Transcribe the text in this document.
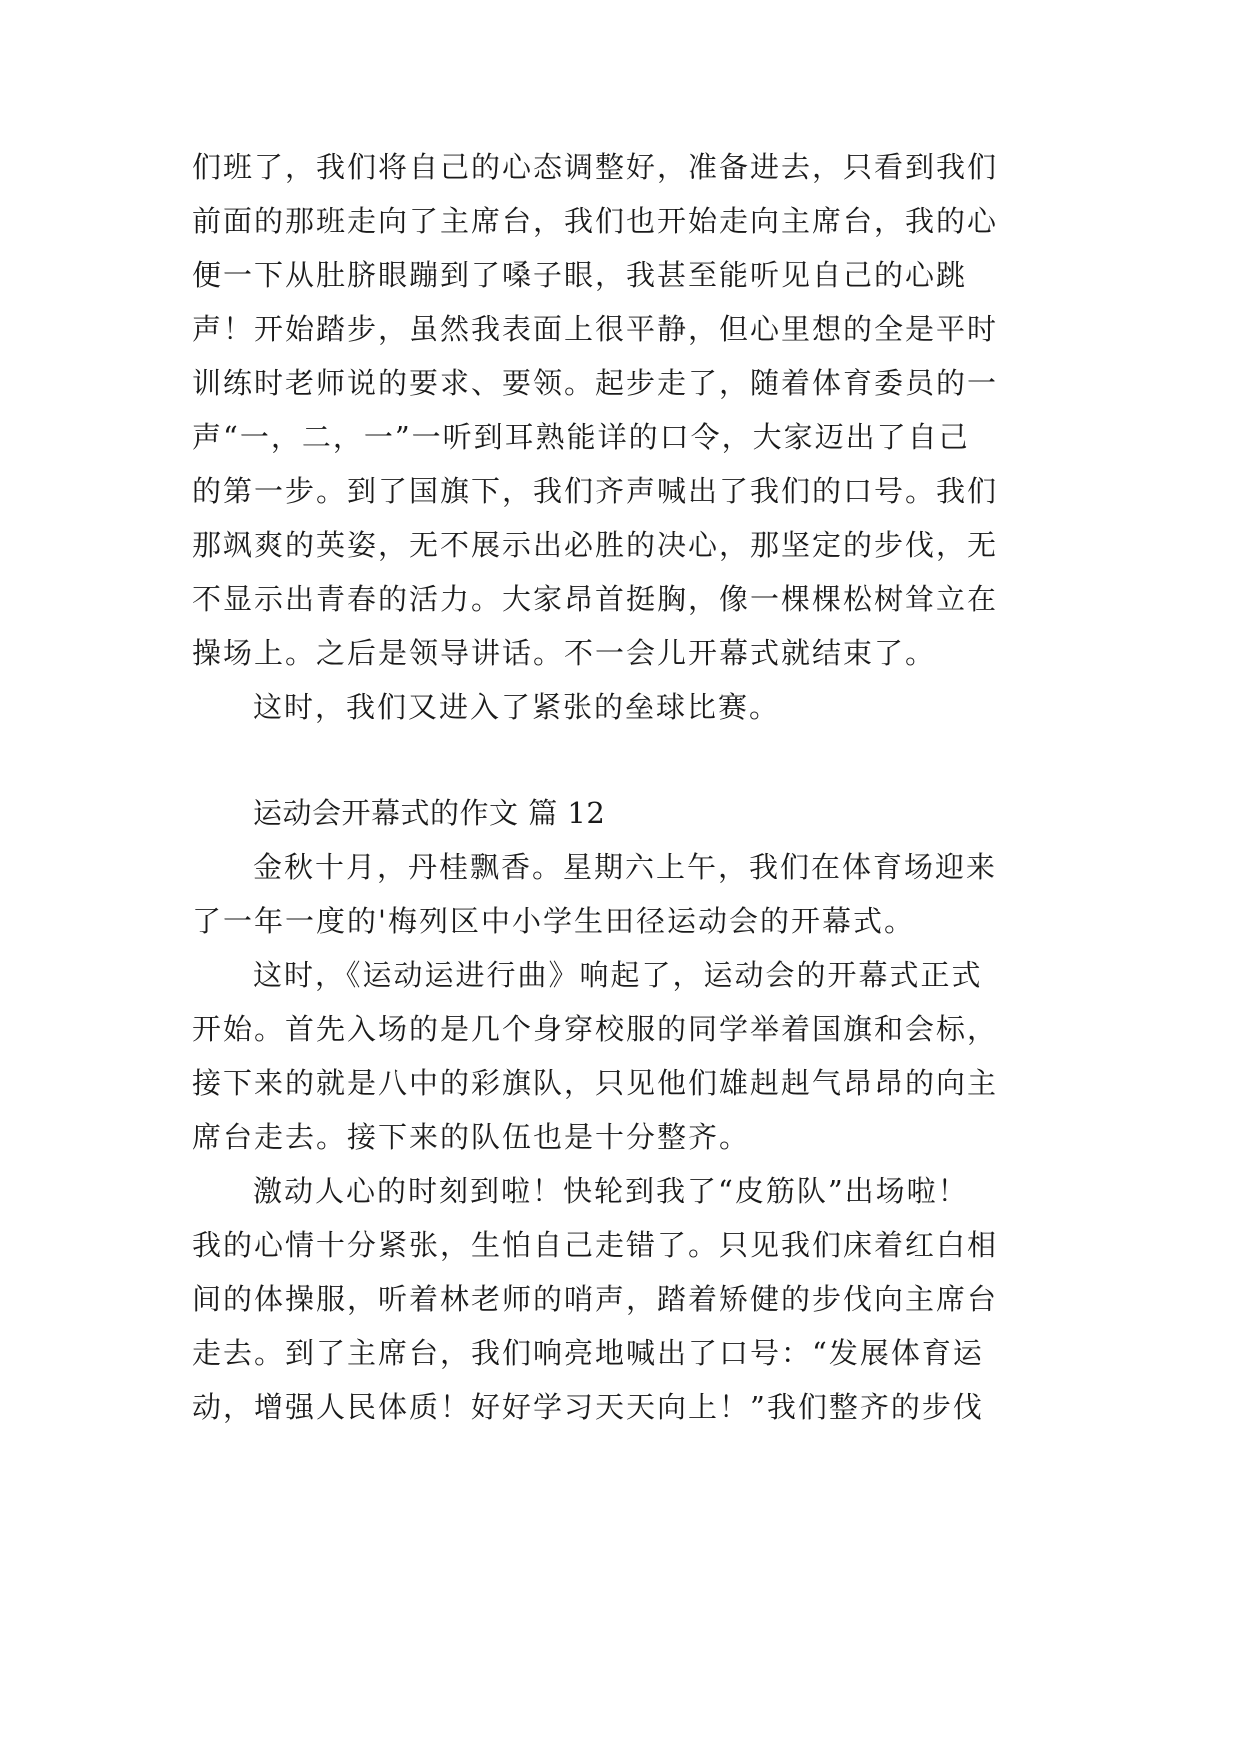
们班了，我们将自己的心态调整好，准备进去，只看到我们
前面的那班走向了主席台，我们也开始走向主席台，我的心
便一下从肚脐眼蹦到了嗓子眼，我甚至能听见自己的心跳
声！开始踏步，虽然我表面上很平静，但心里想的全是平时
训练时老师说的要求、要领。起步走了，随着体育委员的一
声“一，二，一”一听到耳熟能详的口令，大家迈出了自己
的第一步。到了国旗下，我们齐声喊出了我们的口号。我们
那飒爽的英姿，无不展示出必胜的决心，那坚定的步伐，无
不显示出青春的活力。大家昂首挺胸，像一棵棵松树耸立在
操场上。之后是领导讲话。不一会儿开幕式就结束了。
这时，我们又进入了紧张的垒球比赛。
运动会开幕式的作文 篇 12
金秋十月，丹桂飘香。星期六上午，我们在体育场迎来
了一年一度的'梅列区中小学生田径运动会的开幕式。
这时，《运动运进行曲》响起了，运动会的开幕式正式
开始。首先入场的是几个身穿校服的同学举着国旗和会标，
接下来的就是八中的彩旗队，只见他们雄赳赳气昂昂的向主
席台走去。接下来的队伍也是十分整齐。
激动人心的时刻到啦！快轮到我了“皮筋队”出场啦！
我的心情十分紧张，生怕自己走错了。只见我们床着红白相
间的体操服，听着林老师的哨声，踏着矫健的步伐向主席台
走去。到了主席台，我们响亮地喊出了口号：“发展体育运
动，增强人民体质！好好学习天天向上！”我们整齐的步伐
